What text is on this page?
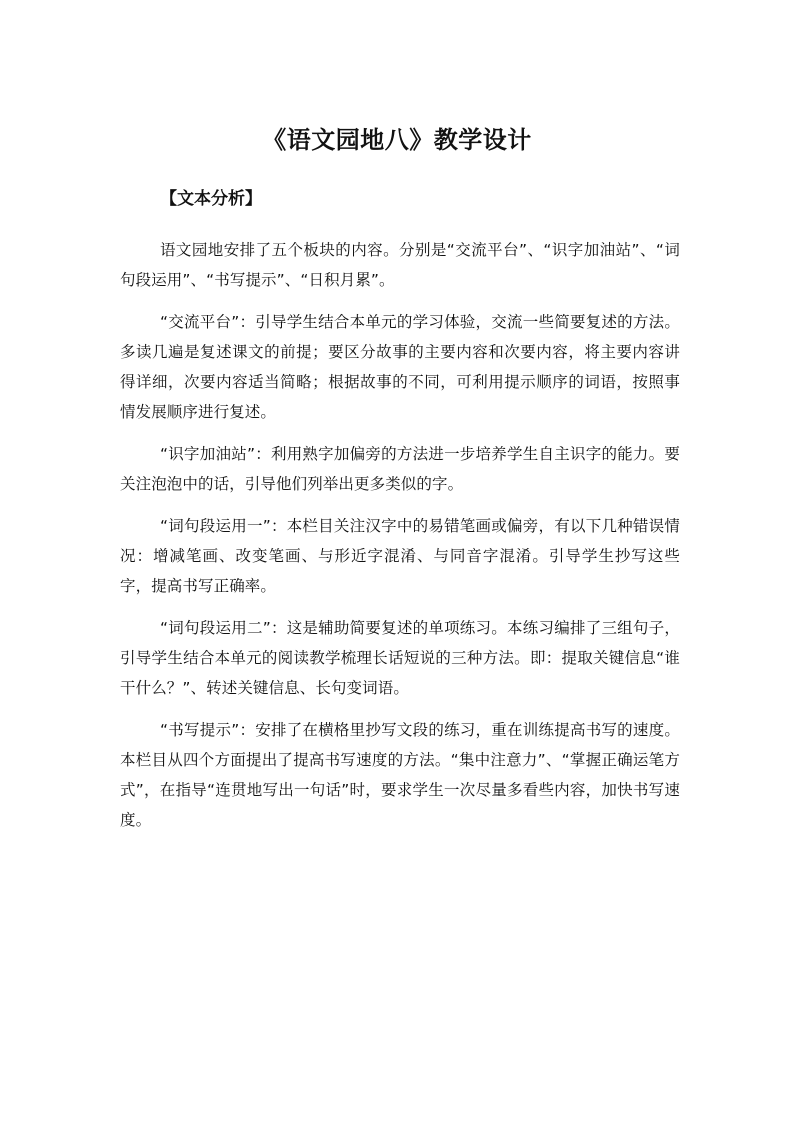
《语文园地八》教学设计
【文本分析】

语文园地安排了五个板块的内容。分别是“交流平台”、“识字加油站”、“词句段运用”、“书写提示”、“日积月累”。

“交流平台”：引导学生结合本单元的学习体验，交流一些简要复述的方法。多读几遍是复述课文的前提；要区分故事的主要内容和次要内容，将主要内容讲得详细，次要内容适当简略；根据故事的不同，可利用提示顺序的词语，按照事情发展顺序进行复述。

“识字加油站”：利用熟字加偏旁的方法进一步培养学生自主识字的能力。要关注泡泡中的话，引导他们列举出更多类似的字。

“词句段运用一”：本栏目关注汉字中的易错笔画或偏旁，有以下几种错误情况：增减笔画、改变笔画、与形近字混淆、与同音字混淆。引导学生抄写这些字，提高书写正确率。

“词句段运用二”：这是辅助简要复述的单项练习。本练习编排了三组句子，引导学生结合本单元的阅读教学梳理长话短说的三种方法。即：提取关键信息“谁干什么？”、转述关键信息、长句变词语。

“书写提示”：安排了在横格里抄写文段的练习，重在训练提高书写的速度。本栏目从四个方面提出了提高书写速度的方法。“集中注意力”、“掌握正确运笔方式”，在指导“连贯地写出一句话”时，要求学生一次尽量多看些内容，加快书写速度。
